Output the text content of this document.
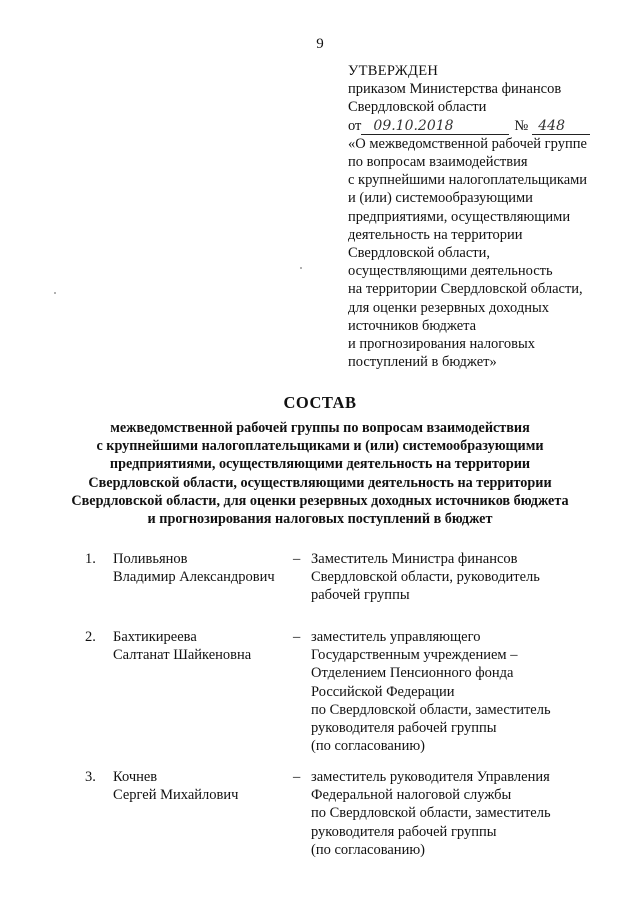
9
УТВЕРЖДЕН
приказом Министерства финансов
Свердловской области
от 09.10.2018	№ 448
«О межведомственной рабочей группе
по вопросам взаимодействия
с крупнейшими налогоплательщиками
и (или) системообразующими
предприятиями, осуществляющими
деятельность на территории
Свердловской области,
осуществляющими деятельность
на территории Свердловской области,
для оценки резервных доходных
источников бюджета
и прогнозирования налоговых
поступлений в бюджет»
СОСТАВ
межведомственной рабочей группы по вопросам взаимодействия
с крупнейшими налогоплательщиками и (или) системообразующими
предприятиями, осуществляющими деятельность на территории
Свердловской области, осуществляющими деятельность на территории
Свердловской области, для оценки резервных доходных источников бюджета
и прогнозирования налоговых поступлений в бюджет
1.	Поливьянов
Владимир Александрович
– Заместитель Министра финансов
Свердловской области, руководитель
рабочей группы
2.	Бахтикиреева
Салтанат Шайкеновна
– заместитель управляющего
Государственным учреждением –
Отделением Пенсионного фонда
Российской Федерации
по Свердловской области, заместитель
руководителя рабочей группы
(по согласованию)
3.	Кочнев
Сергей Михайлович
– заместитель руководителя Управления
Федеральной налоговой службы
по Свердловской области, заместитель
руководителя рабочей группы
(по согласованию)
